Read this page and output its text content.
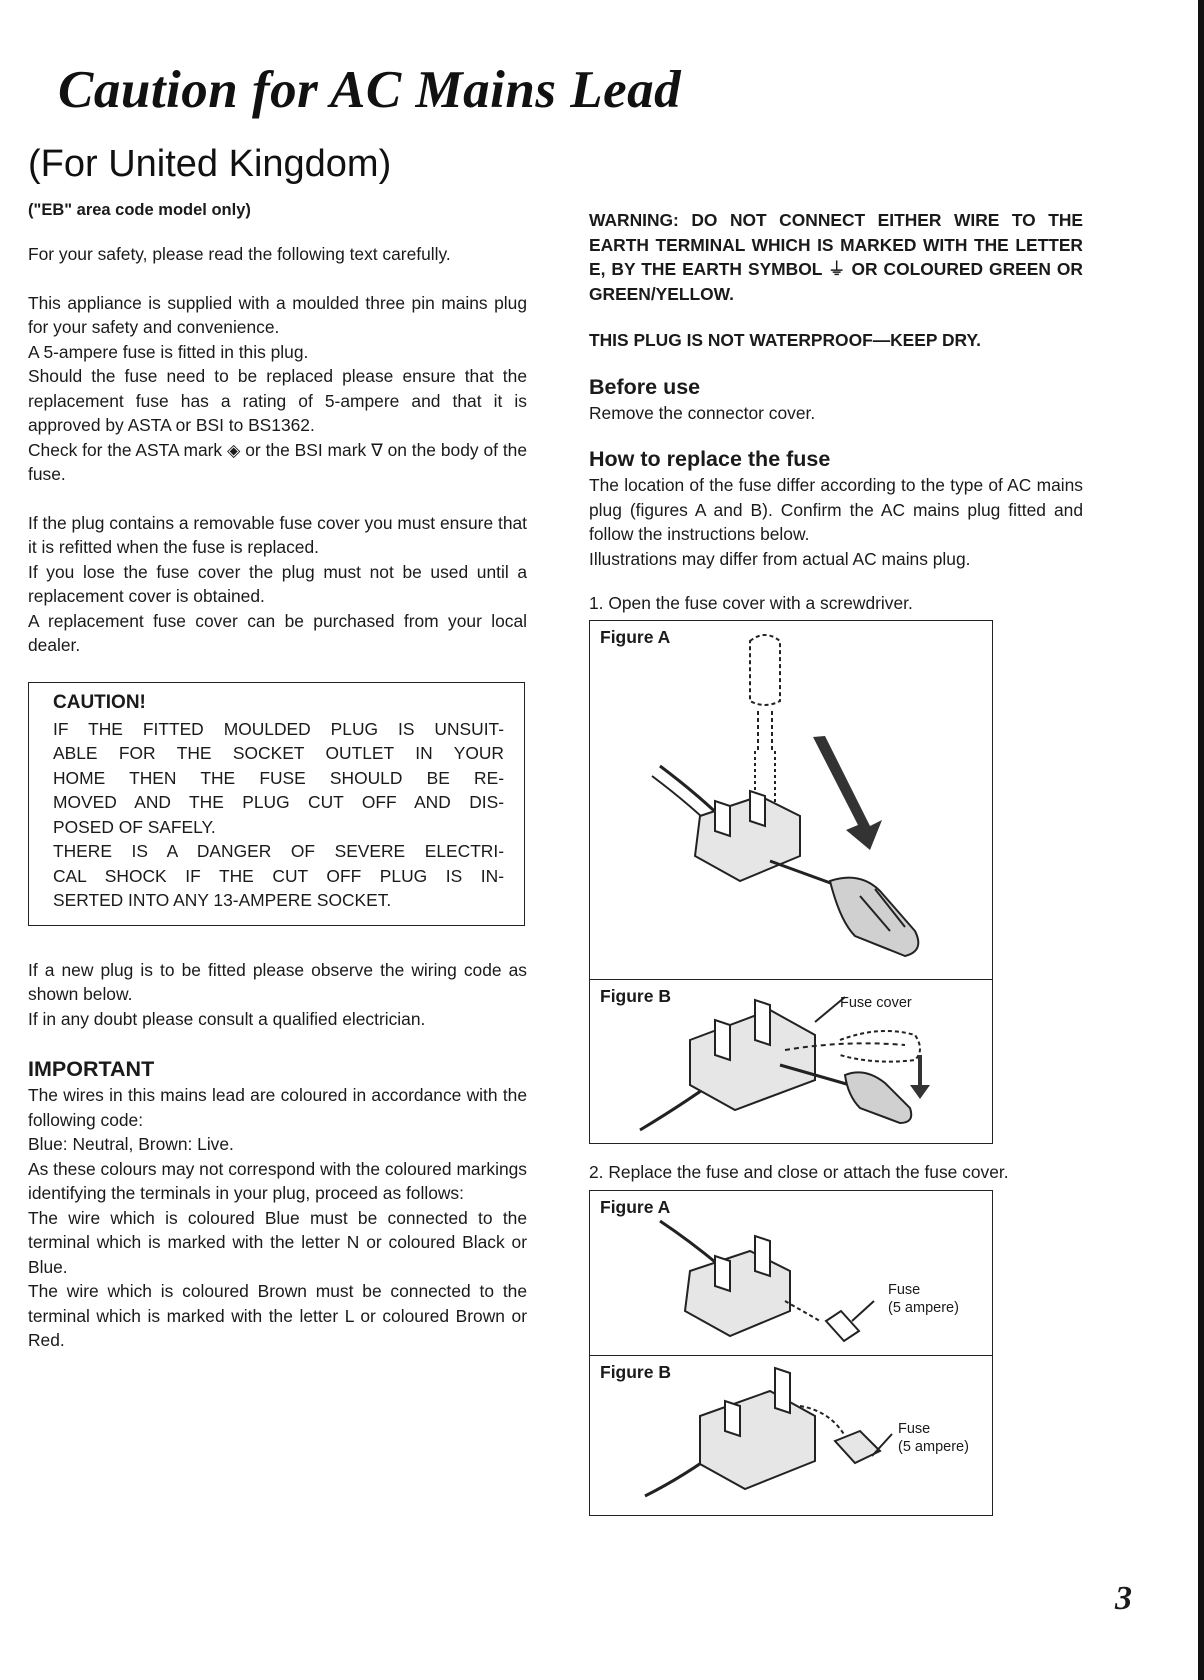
Caution for AC Mains Lead
(For United Kingdom)

("EB" area code model only)

For your safety, please read the following text carefully.

This appliance is supplied with a moulded three pin mains plug for your safety and convenience.

A 5-ampere fuse is fitted in this plug.

Should the fuse need to be replaced please ensure that the replacement fuse has a rating of 5-ampere and that it is approved by ASTA or BSI to BS1362.

Check for the ASTA mark ◈ or the BSI mark ∇ on the body of the fuse.

If the plug contains a removable fuse cover you must ensure that it is refitted when the fuse is replaced.

If you lose the fuse cover the plug must not be used until a replacement cover is obtained.

A replacement fuse cover can be purchased from your local dealer.

CAUTION!
IF THE FITTED MOULDED PLUG IS UNSUIT-
ABLE FOR THE SOCKET OUTLET IN YOUR
HOME THEN THE FUSE SHOULD BE RE-
MOVED AND THE PLUG CUT OFF AND DIS-
POSED OF SAFELY.
THERE IS A DANGER OF SEVERE ELECTRI-
CAL SHOCK IF THE CUT OFF PLUG IS IN-
SERTED INTO ANY 13-AMPERE SOCKET.

If a new plug is to be fitted please observe the wiring code as shown below.

If in any doubt please consult a qualified electrician.

IMPORTANT

The wires in this mains lead are coloured in accordance with the following code:

Blue: Neutral, Brown: Live.

As these colours may not correspond with the coloured markings identifying the terminals in your plug, proceed as follows:

The wire which is coloured Blue must be connected to the terminal which is marked with the letter N or coloured Black or Blue.

The wire which is coloured Brown must be connected to the terminal which is marked with the letter L or coloured Brown or Red.

WARNING: DO NOT CONNECT EITHER WIRE TO THE EARTH TERMINAL WHICH IS MARKED WITH THE LETTER E, BY THE EARTH SYMBOL ⏚ OR COLOURED GREEN OR GREEN/YELLOW.

THIS PLUG IS NOT WATERPROOF—KEEP DRY.

Before use

Remove the connector cover.

How to replace the fuse

The location of the fuse differ according to the type of AC mains plug (figures A and B). Confirm the AC mains plug fitted and follow the instructions below.

Illustrations may differ from actual AC mains plug.

1. Open the fuse cover with a screwdriver.

Figure A
Figure B	Fuse cover

2. Replace the fuse and close or attach the fuse cover.

Figure A
Fuse
(5 ampere)
Figure B
Fuse
(5 ampere)
3
